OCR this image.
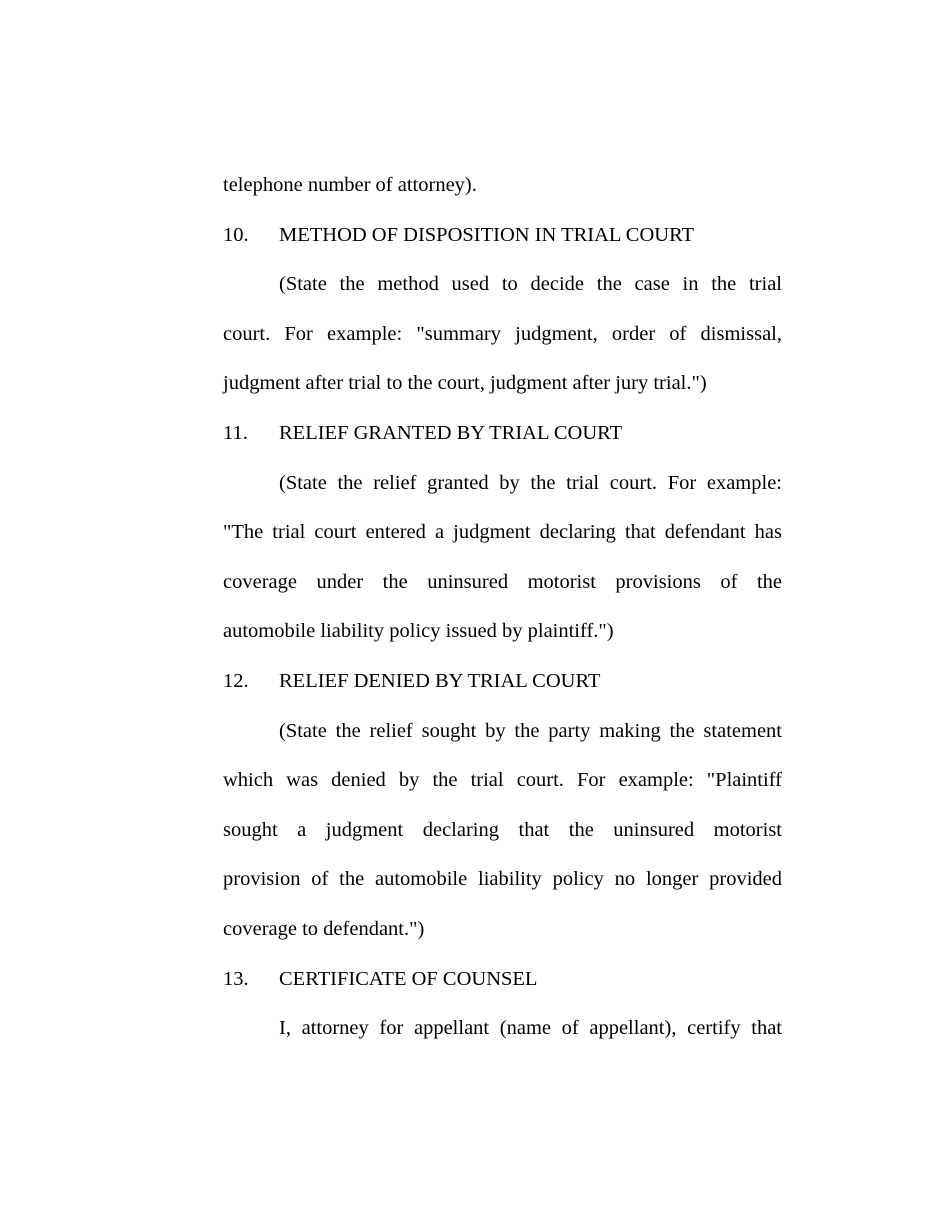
telephone number of attorney).
10.	METHOD OF DISPOSITION IN TRIAL COURT
(State the method used to decide the case in the trial
court. For example: "summary judgment, order of dismissal,
judgment after trial to the court, judgment after jury trial.")
11.	RELIEF GRANTED BY TRIAL COURT
(State the relief granted by the trial court. For example:
"The trial court entered a judgment declaring that defendant has
coverage under the uninsured motorist provisions of the
automobile liability policy issued by plaintiff.")
12.	RELIEF DENIED BY TRIAL COURT
(State the relief sought by the party making the statement
which was denied by the trial court. For example: "Plaintiff
sought a judgment declaring that the uninsured motorist
provision of the automobile liability policy no longer provided
coverage to defendant.")
13.	CERTIFICATE OF COUNSEL
I, attorney for appellant (name of appellant), certify that
